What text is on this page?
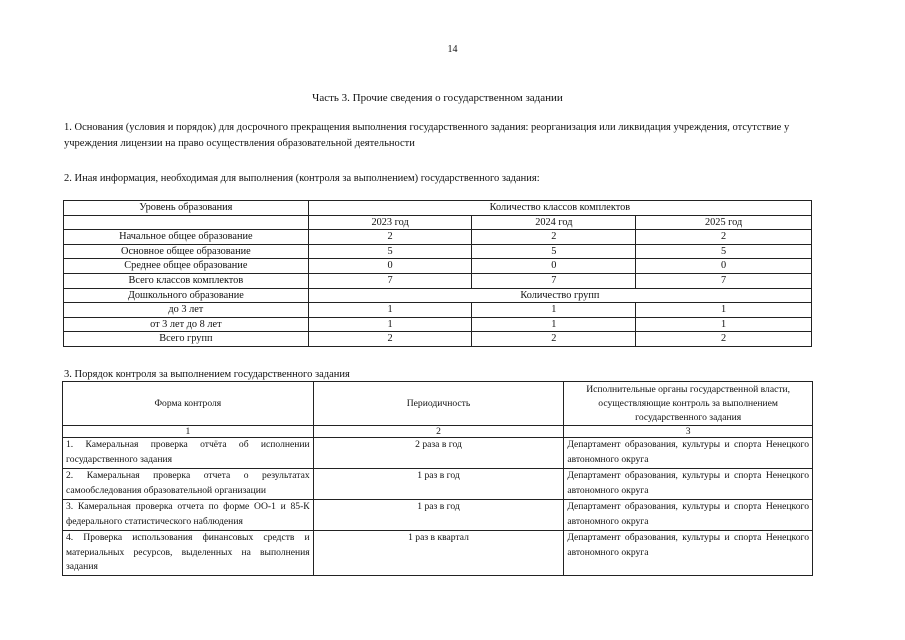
14
Часть 3. Прочие сведения о государственном задании
1. Основания (условия и порядок) для досрочного прекращения выполнения государственного задания: реорганизация или ликвидация учреждения, отсутствие у учреждения лицензии на право осуществления образовательной деятельности
2. Иная информация, необходимая для выполнения (контроля за выполнением) государственного задания:
Уровень образования	Количество классов комплектов		
	2023 год	2024 год	2025 год
Начальное общее образование	2	2	2
Основное общее образование	5	5	5
Среднее общее образование	0	0	0
Всего классов комплектов	7	7	7
Дошкольного образование	Количество групп		
до 3 лет	1	1	1
от 3 лет до 8 лет	1	1	1
Всего групп	2	2	2
3. Порядок контроля за выполнением государственного задания
Форма контроля	Периодичность	Исполнительные органы государственной власти, осуществляющие контроль за выполнением государственного задания
1	2	3
1. Камеральная проверка отчёта об исполнении государственного задания	2 раза в год	Департамент образования, культуры и спорта Ненецкого автономного округа
2. Камеральная проверка отчета о результатах самообследования образовательной организации	1 раз в год	Департамент образования, культуры и спорта Ненецкого автономного округа
3. Камеральная проверка отчета по форме ОО-1 и 85-К федерального статистического наблюдения	1 раз в год	Департамент образования, культуры и спорта Ненецкого автономного округа
4. Проверка использования финансовых средств и материальных ресурсов, выделенных на выполнения задания	1 раз в квартал	Департамент образования, культуры и спорта Ненецкого автономного округа
